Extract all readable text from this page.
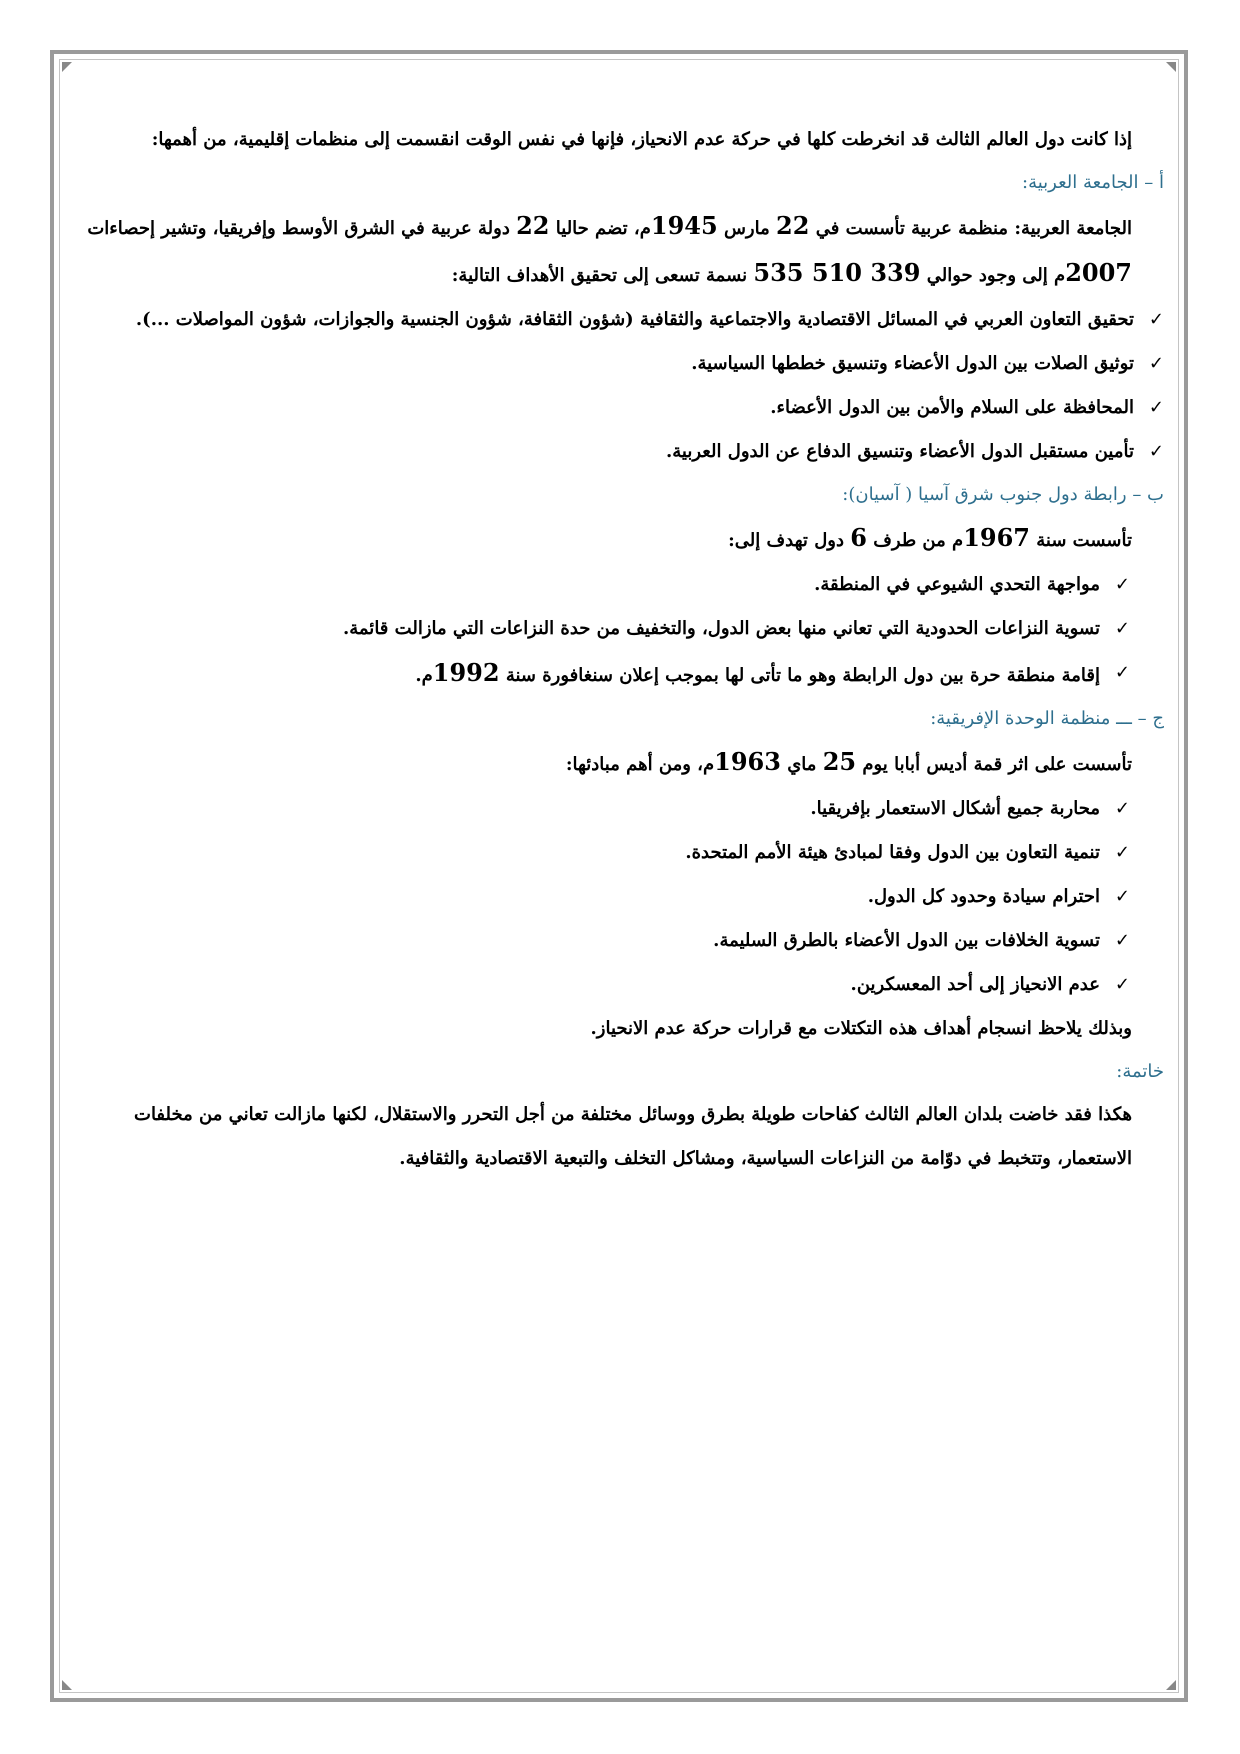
إذا كانت دول العالم الثالث قد انخرطت كلها في حركة عدم الانحياز، فإنها في نفس الوقت انقسمت إلى منظمات إقليمية، من أهمها:

أ – الجامعة العربية:

الجامعة العربية: منظمة عربية تأسست في 22 مارس 1945م، تضم حاليا 22 دولة عربية في الشرق الأوسط وإفريقيا، وتشير إحصاءات 2007م إلى وجود حوالي 339 510 535 نسمة تسعى إلى تحقيق الأهداف التالية:

✓
تحقيق التعاون العربي في المسائل الاقتصادية والاجتماعية والثقافية (شؤون الثقافة، شؤون الجنسية والجوازات، شؤون المواصلات ...).
✓
توثيق الصلات بين الدول الأعضاء وتنسيق خططها السياسية.
✓
المحافظة على السلام والأمن بين الدول الأعضاء.
✓
تأمين مستقبل الدول الأعضاء وتنسيق الدفاع عن الدول العربية.

ب – رابطة دول جنوب شرق آسيا ( آسيان):

تأسست سنة 1967م من طرف 6 دول تهدف إلى:

✓
مواجهة التحدي الشيوعي في المنطقة.
✓
تسوية النزاعات الحدودية التي تعاني منها بعض الدول، والتخفيف من حدة النزاعات التي مازالت قائمة.
✓
إقامة منطقة حرة بين دول الرابطة وهو ما تأتى لها بموجب إعلان سنغافورة سنة 1992م.

ج – ـــ منظمة الوحدة الإفريقية:

تأسست على اثر قمة أديس أبابا يوم 25 ماي 1963م، ومن أهم مبادئها:

✓
محاربة جميع أشكال الاستعمار بإفريقيا.
✓
تنمية التعاون بين الدول وفقا لمبادئ هيئة الأمم المتحدة.
✓
احترام سيادة وحدود كل الدول.
✓
تسوية الخلافات بين الدول الأعضاء بالطرق السليمة.
✓
عدم الانحياز إلى أحد المعسكرين.

وبذلك يلاحظ انسجام أهداف هذه التكتلات مع قرارات حركة عدم الانحياز.

خاتمة:

هكذا فقد خاضت بلدان العالم الثالث كفاحات طويلة بطرق ووسائل مختلفة من أجل التحرر والاستقلال، لكنها مازالت تعاني من مخلفات الاستعمار، وتتخبط في دوّامة من النزاعات السياسية، ومشاكل التخلف والتبعية الاقتصادية والثقافية.
